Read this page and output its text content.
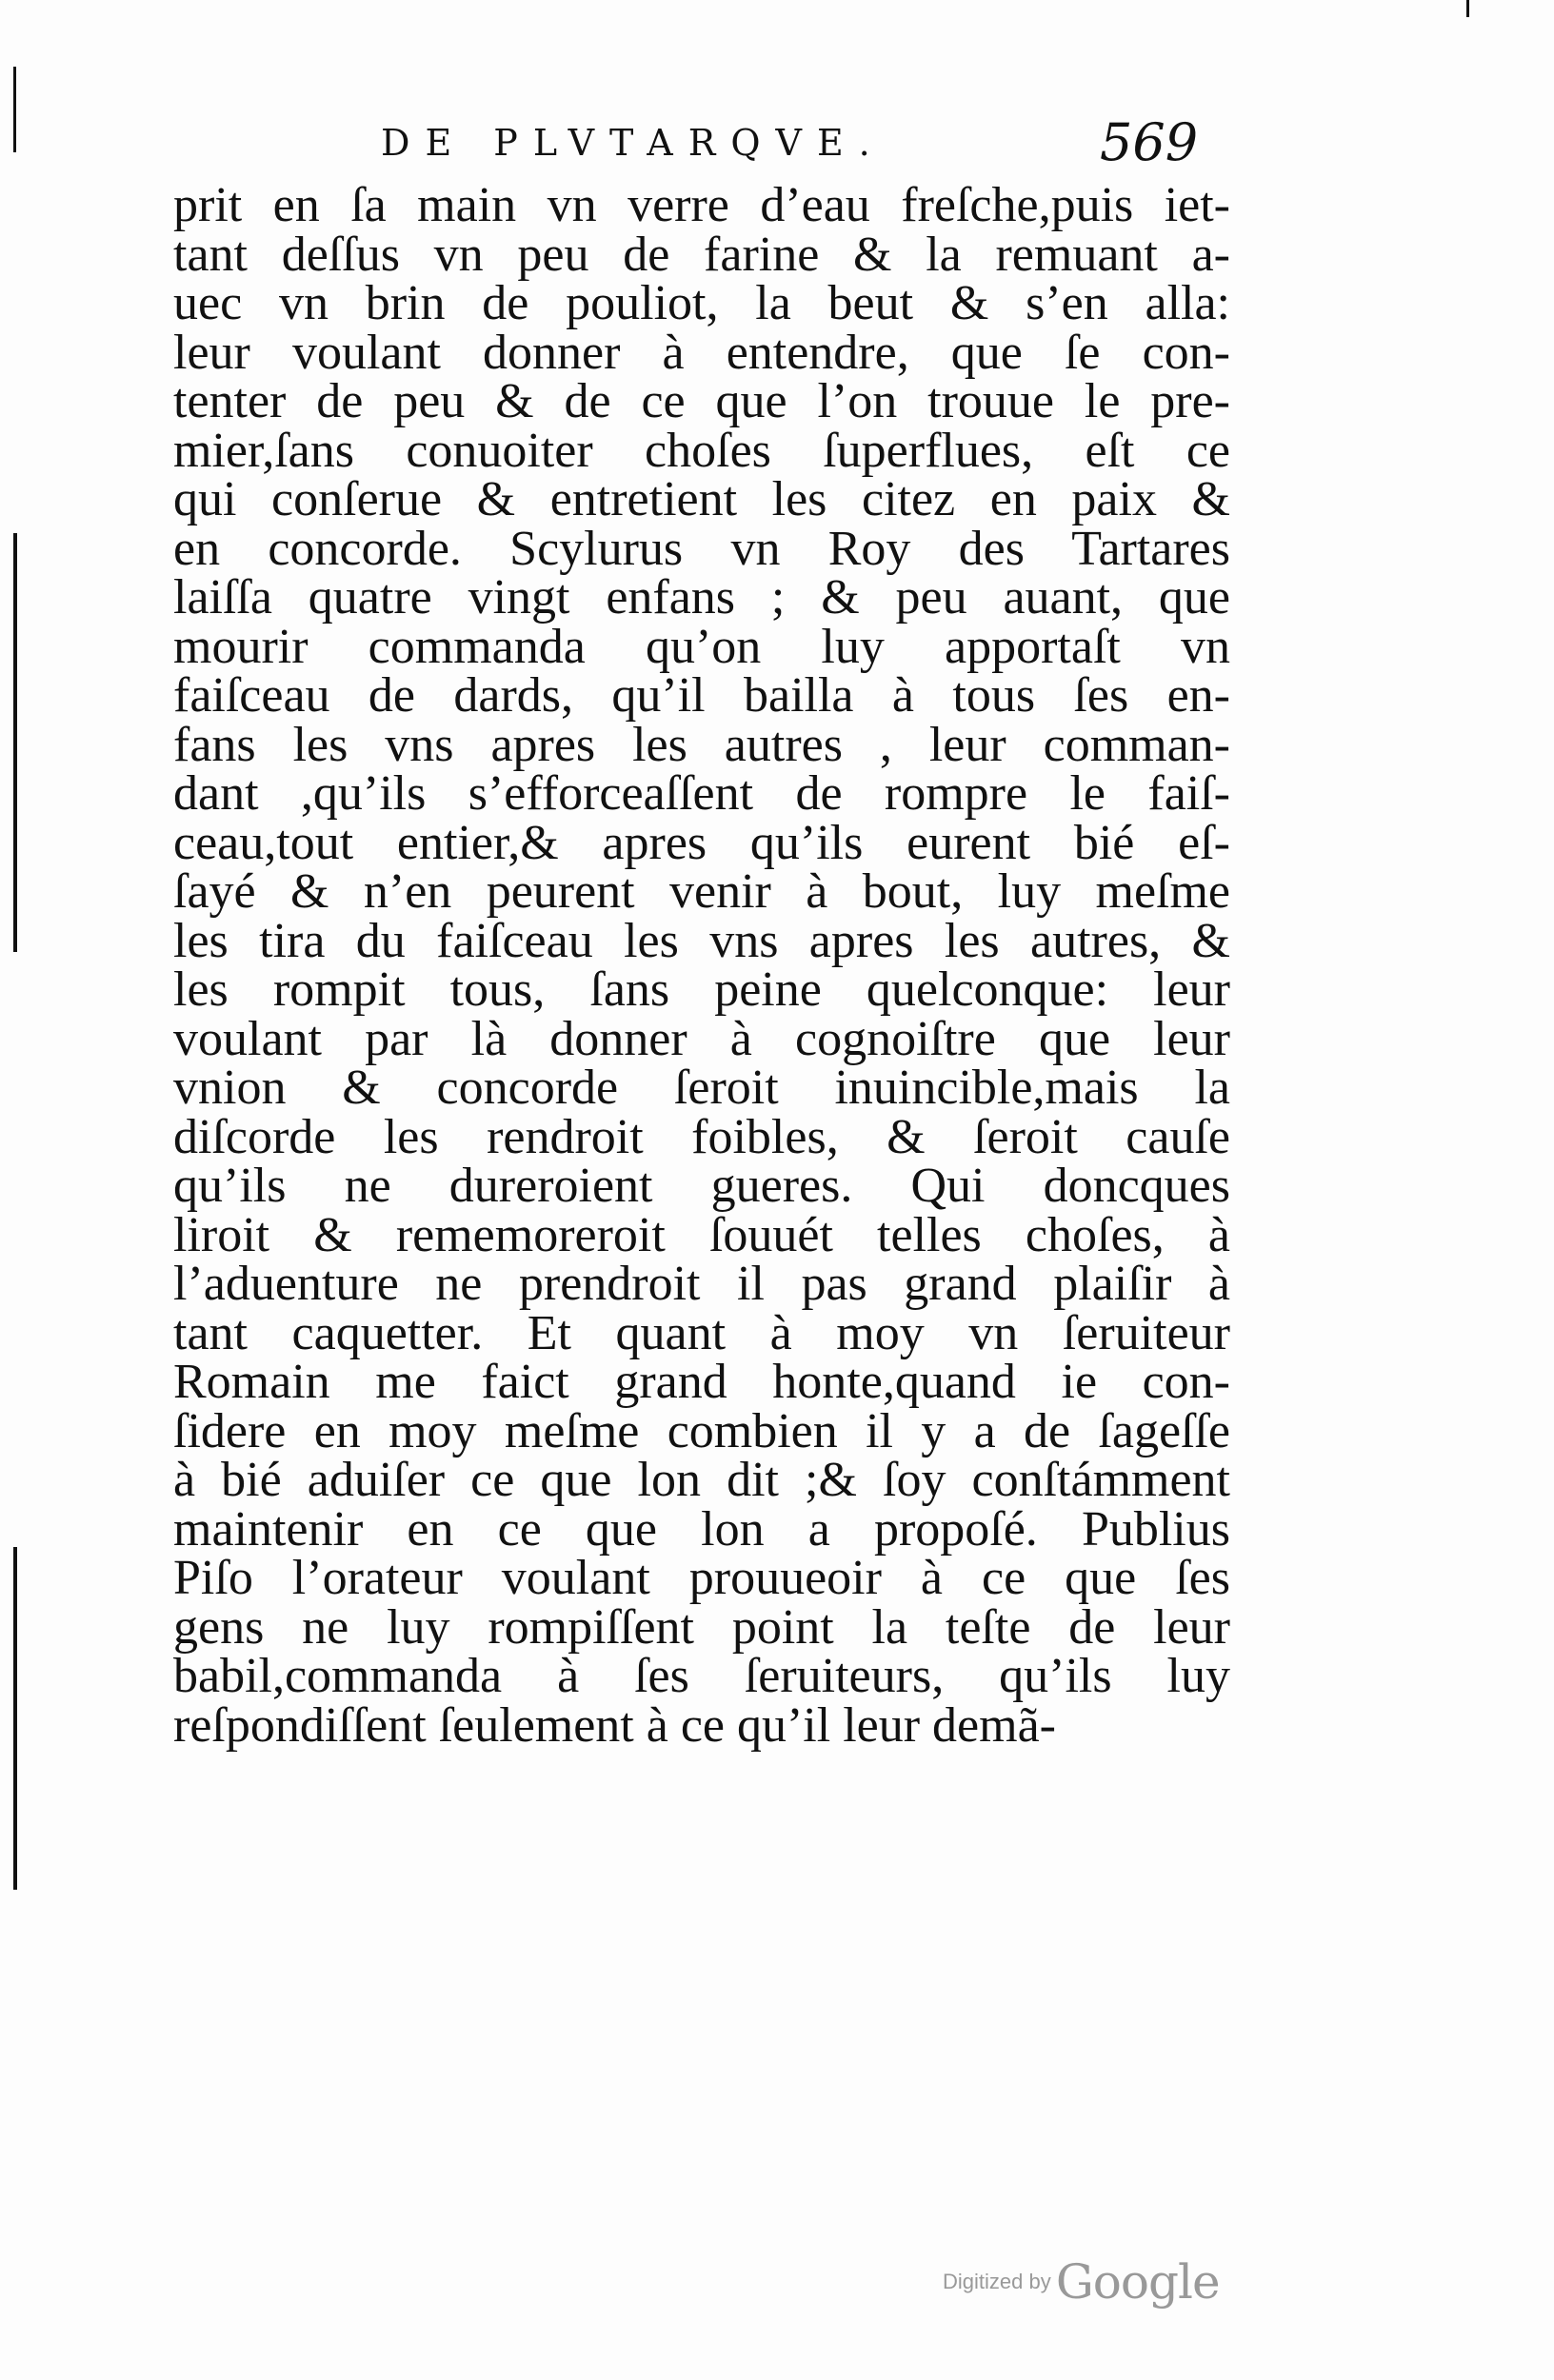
DE PLVTARQVE.	569
prit en ſa main vn verre d’eau freſche,puis iet-
tant deſſus vn peu de farine & la remuant a-
uec vn brin de pouliot, la beut & s’en alla:
leur voulant donner à entendre, que ſe con-
tenter de peu & de ce que l’on trouue le pre-
mier,ſans conuoiter choſes ſuperflues, eſt ce
qui conſerue & entretient les citez en paix &
en concorde. Scylurus vn Roy des Tartares
laiſſa quatre vingt enfans ; & peu auant, que
mourir commanda qu’on luy apportaſt vn
faiſceau de dards, qu’il bailla à tous ſes en-
fans les vns apres les autres , leur comman-
dant ,qu’ils s’efforceaſſent de rompre le faiſ-
ceau,tout entier,& apres qu’ils eurent bié eſ-
ſayé & n’en peurent venir à bout, luy meſme
les tira du faiſceau les vns apres les autres, &
les rompit tous, ſans peine quelconque: leur
voulant par là donner à cognoiſtre que leur
vnion & concorde ſeroit inuincible,mais la
diſcorde les rendroit foibles, & ſeroit cauſe
qu’ils ne dureroient gueres. Qui doncques
liroit & rememoreroit ſouuét telles choſes, à
l’aduenture ne prendroit il pas grand plaiſir à
tant caquetter. Et quant à moy vn ſeruiteur
Romain me faict grand honte,quand ie con-
ſidere en moy meſme combien il y a de ſageſſe
à bié aduiſer ce que lon dit ;& ſoy conſtámment
maintenir en ce que lon a propoſé. Publius
Piſo l’orateur voulant prouueoir à ce que ſes
gens ne luy rompiſſent point la teſte de leur
babil,commanda à ſes ſeruiteurs, qu’ils luy
reſpondiſſent ſeulement à ce qu’il leur demã-
Digitized by Google
